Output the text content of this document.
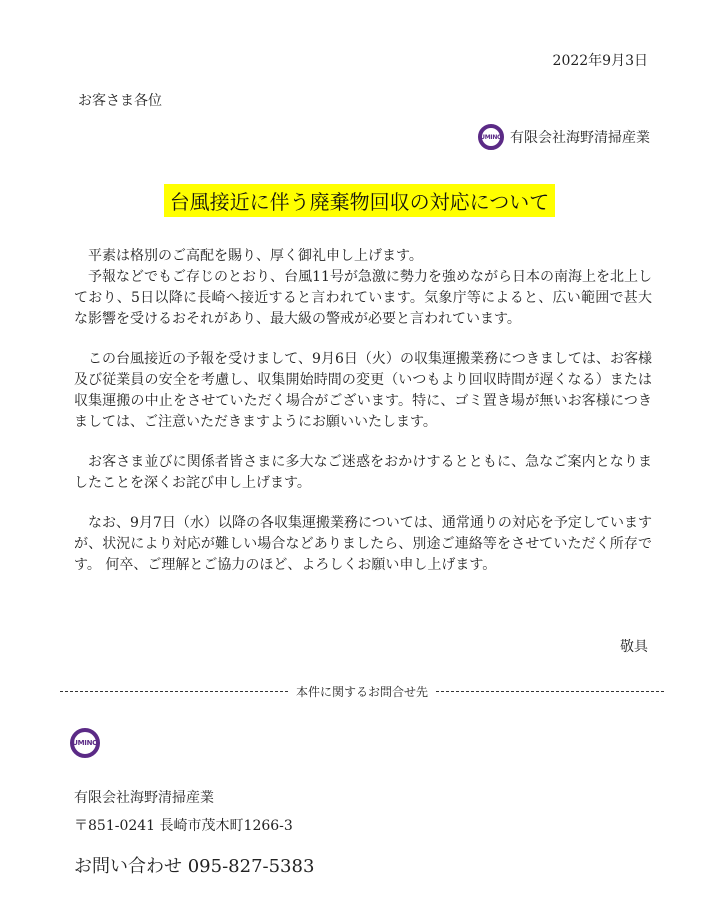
2022年9月3日
お客さま各位
UMINO 有限会社海野清掃産業
台風接近に伴う廃棄物回収の対応について

平素は格別のご高配を賜り、厚く御礼申し上げます。

予報などでもご存じのとおり、台風11号が急激に勢力を強めながら日本の南海上を北上しており、5日以降に長崎へ接近すると言われています。気象庁等によると、広い範囲で甚大な影響を受けるおそれがあり、最大級の警戒が必要と言われています。

この台風接近の予報を受けまして、9月6日（火）の収集運搬業務につきましては、お客様及び従業員の安全を考慮し、収集開始時間の変更（いつもより回収時間が遅くなる）または収集運搬の中止をさせていただく場合がございます。特に、ゴミ置き場が無いお客様につきましては、ご注意いただきますようにお願いいたします。

お客さま並びに関係者皆さまに多大なご迷惑をおかけするとともに、急なご案内となりましたことを深くお詫び申し上げます。

なお、9月7日（水）以降の各収集運搬業務については、通常通りの対応を予定していますが、状況により対応が難しい場合などありましたら、別途ご連絡等をさせていただく所存です。 何卒、ご理解とご協力のほど、よろしくお願い申し上げます。

敬具
本件に関するお問合せ先
UMINO
有限会社海野清掃産業
〒851-0241 長崎市茂木町1266-3
お問い合わせ 095-827-5383
